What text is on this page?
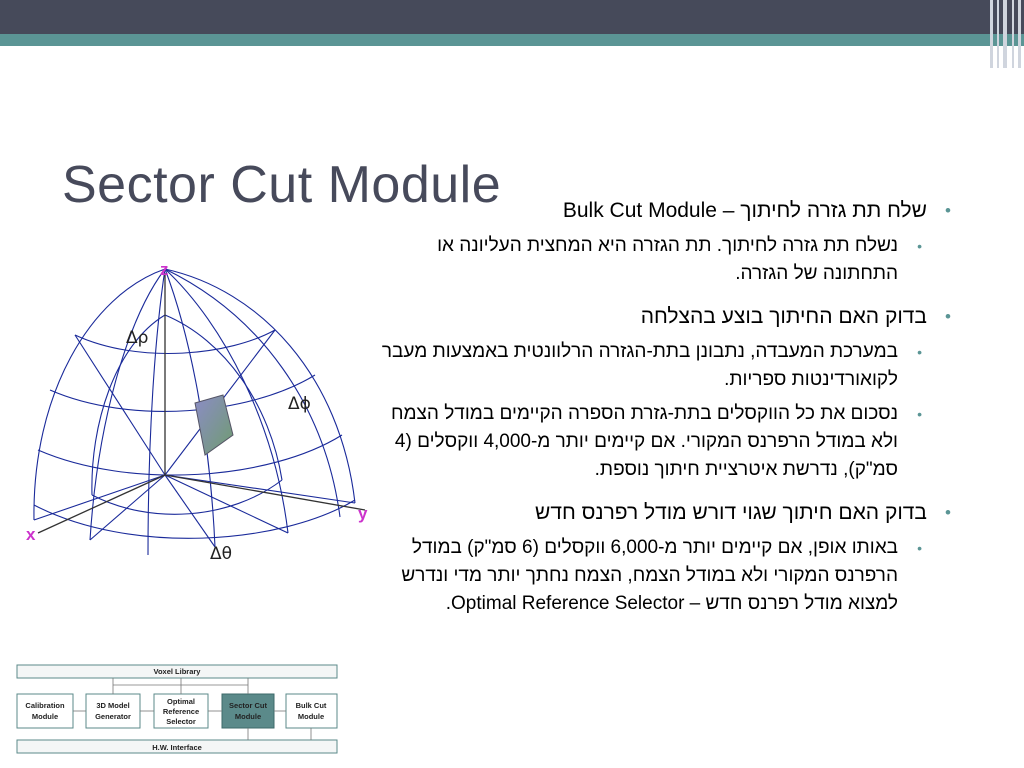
Sector Cut Module
z
x
y
Δρ
Δϕ
Δθ
Voxel Library
Calibration
Module
3D Model
Generator
Optimal
Reference
Selector
Sector Cut
Module
Bulk Cut
Module
H.W. Interface
•
שלח תת גזרה לחיתוך – Bulk Cut Module
•
נשלח תת גזרה לחיתוך. תת הגזרה היא המחצית העליונה או התחתונה של הגזרה.
•
בדוק האם החיתוך בוצע בהצלחה
•
במערכת המעבדה, נתבונן בתת-הגזרה הרלוונטית באמצעות מעבר לקואורדינטות ספריות.
•
נסכום את כל הווקסלים בתת-גזרת הספרה הקיימים במודל הצמח ולא במודל הרפרנס המקורי. אם קיימים יותר מ-4,000 ווקסלים (4 סמ"ק), נדרשת איטרציית חיתוך נוספת.
•
בדוק האם חיתוך שגוי דורש מודל רפרנס חדש
•
באותו אופן, אם קיימים יותר מ-6,000 ווקסלים (6 סמ"ק) במודל הרפרנס המקורי ולא במודל הצמח, הצמח נחתך יותר מדי ונדרש למצוא מודל רפרנס חדש – Optimal Reference Selector.
